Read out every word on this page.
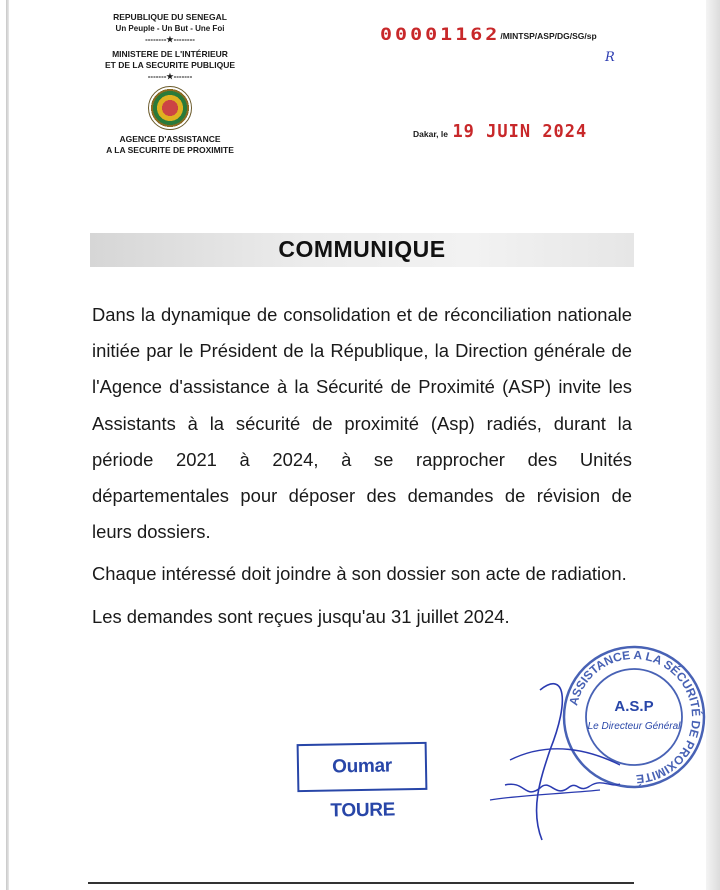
REPUBLIQUE DU SENEGAL
Un Peuple - Un But - Une Foi
--------★--------
MINISTERE DE L'INTÉRIEUR
ET DE LA SECURITE PUBLIQUE
-------★-------
AGENCE D'ASSISTANCE
A LA SECURITE DE PROXIMITE
00001162/MINTSP/ASP/DG/SG/sp
R
Dakar, le 19 JUIN 2024
COMMUNIQUE

Dans la dynamique de consolidation et de réconciliation nationale initiée par le Président de la République, la Direction générale de l'Agence d'assistance à la Sécurité de Proximité (ASP) invite les Assistants à la sécurité de proximité (Asp) radiés, durant la période 2021 à 2024, à se rapprocher des Unités départementales pour déposer des demandes de révision de leurs dossiers.

Chaque intéressé doit joindre à son dossier son acte de radiation.

Les demandes sont reçues jusqu'au 31 juillet 2024.

ASSISTANCE A LA SÉCURITÉ DE PROXIMITÉ
A.S.P
Le Directeur Général
Oumar TOURE
